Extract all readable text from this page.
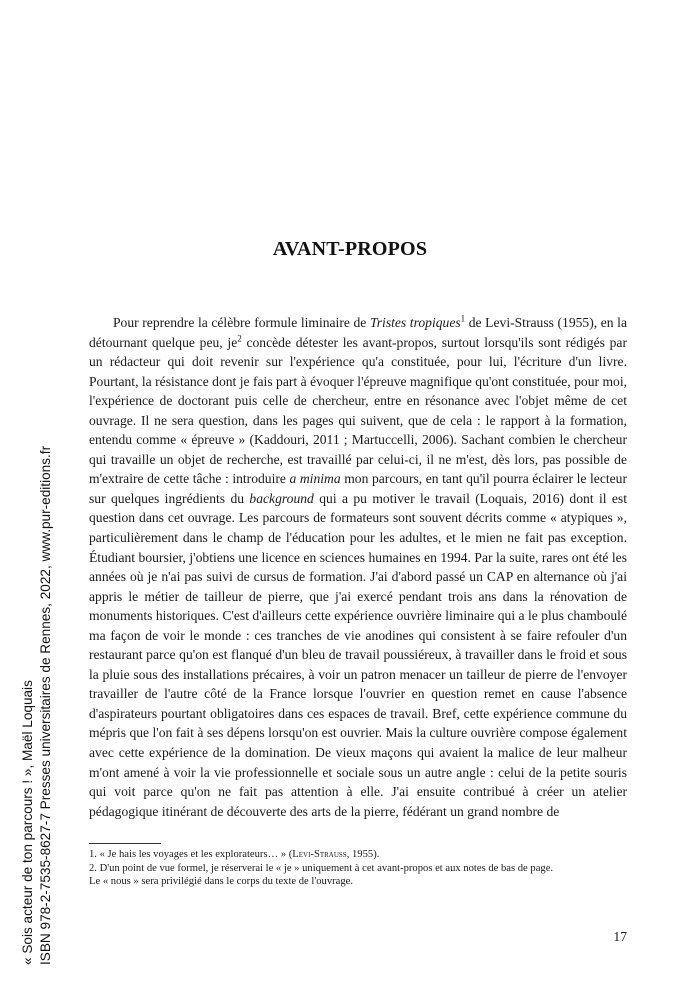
« Sois acteur de ton parcours ! », Maël Loquais ISBN 978-2-7535-8627-7 Presses universitaires de Rennes, 2022, www.pur-editions.fr
AVANT-PROPOS

Pour reprendre la célèbre formule liminaire de Tristes tropiques$^1$ de Levi-Strauss (1955), en la détournant quelque peu, $je^2$ concède détester les avant-propos, surtout lorsqu'ils sont rédigés par un rédacteur qui doit revenir sur l'expérience qu'a constituée, pour lui, l'écriture d'un livre. Pourtant, la résistance dont je fais part à évoquer l'épreuve magnifique qu'ont constituée, pour moi, l'expérience de doctorant puis celle de chercheur, entre en résonance avec l'objet même de cet ouvrage. Il ne sera question, dans les pages qui suivent, que de cela : le rapport à la formation, entendu comme « épreuve » (Kaddouri, 2011 ; Martuccelli, 2006). Sachant combien le chercheur qui travaille un objet de recherche, est travaillé par celui-ci, il ne m'est, dès lors, pas possible de m'extraire de cette tâche : introduire a minima mon parcours, en tant qu'il pourra éclairer le lecteur sur quelques ingrédients du background qui a pu motiver le travail (Loquais, 2016) dont il est question dans cet ouvrage. Les parcours de formateurs sont souvent décrits comme « atypiques », particulièrement dans le champ de l'éducation pour les adultes, et le mien ne fait pas exception. Étudiant boursier, j'obtiens une licence en sciences humaines en 1994. Par la suite, rares ont été les années où je n'ai pas suivi de cursus de formation. J'ai d'abord passé un CAP en alternance où j'ai appris le métier de tailleur de pierre, que j'ai exercé pendant trois ans dans la rénovation de monuments historiques. C'est d'ailleurs cette expérience ouvrière liminaire qui a le plus chamboulé ma façon de voir le monde : ces tranches de vie anodines qui consistent à se faire refouler d'un restaurant parce qu'on est flanqué d'un bleu de travail poussiéreux, à travailler dans le froid et sous la pluie sous des installations précaires, à voir un patron menacer un tailleur de pierre de l'envoyer travailler de l'autre côté de la France lorsque l'ouvrier en question remet en cause l'absence d'aspirateurs pourtant obligatoires dans ces espaces de travail. Bref, cette expérience commune du mépris que l'on fait à ses dépens lorsqu'on est ouvrier. Mais la culture ouvrière compose également avec cette expérience de la domination. De vieux maçons qui avaient la malice de leur malheur m'ont amené à voir la vie professionnelle et sociale sous un autre angle : celui de la petite souris qui voit parce qu'on ne fait pas attention à elle. J'ai ensuite contribué à créer un atelier pédagogique itinérant de découverte des arts de la pierre, fédérant un grand nombre de

1. « Je hais les voyages et les explorateurs… » (Levi-Strauss, 1955).

2. D'un point de vue formel, je réserverai le « je » uniquement à cet avant-propos et aux notes de bas de page.
Le « nous » sera privilégié dans le corps du texte de l'ouvrage.

17
